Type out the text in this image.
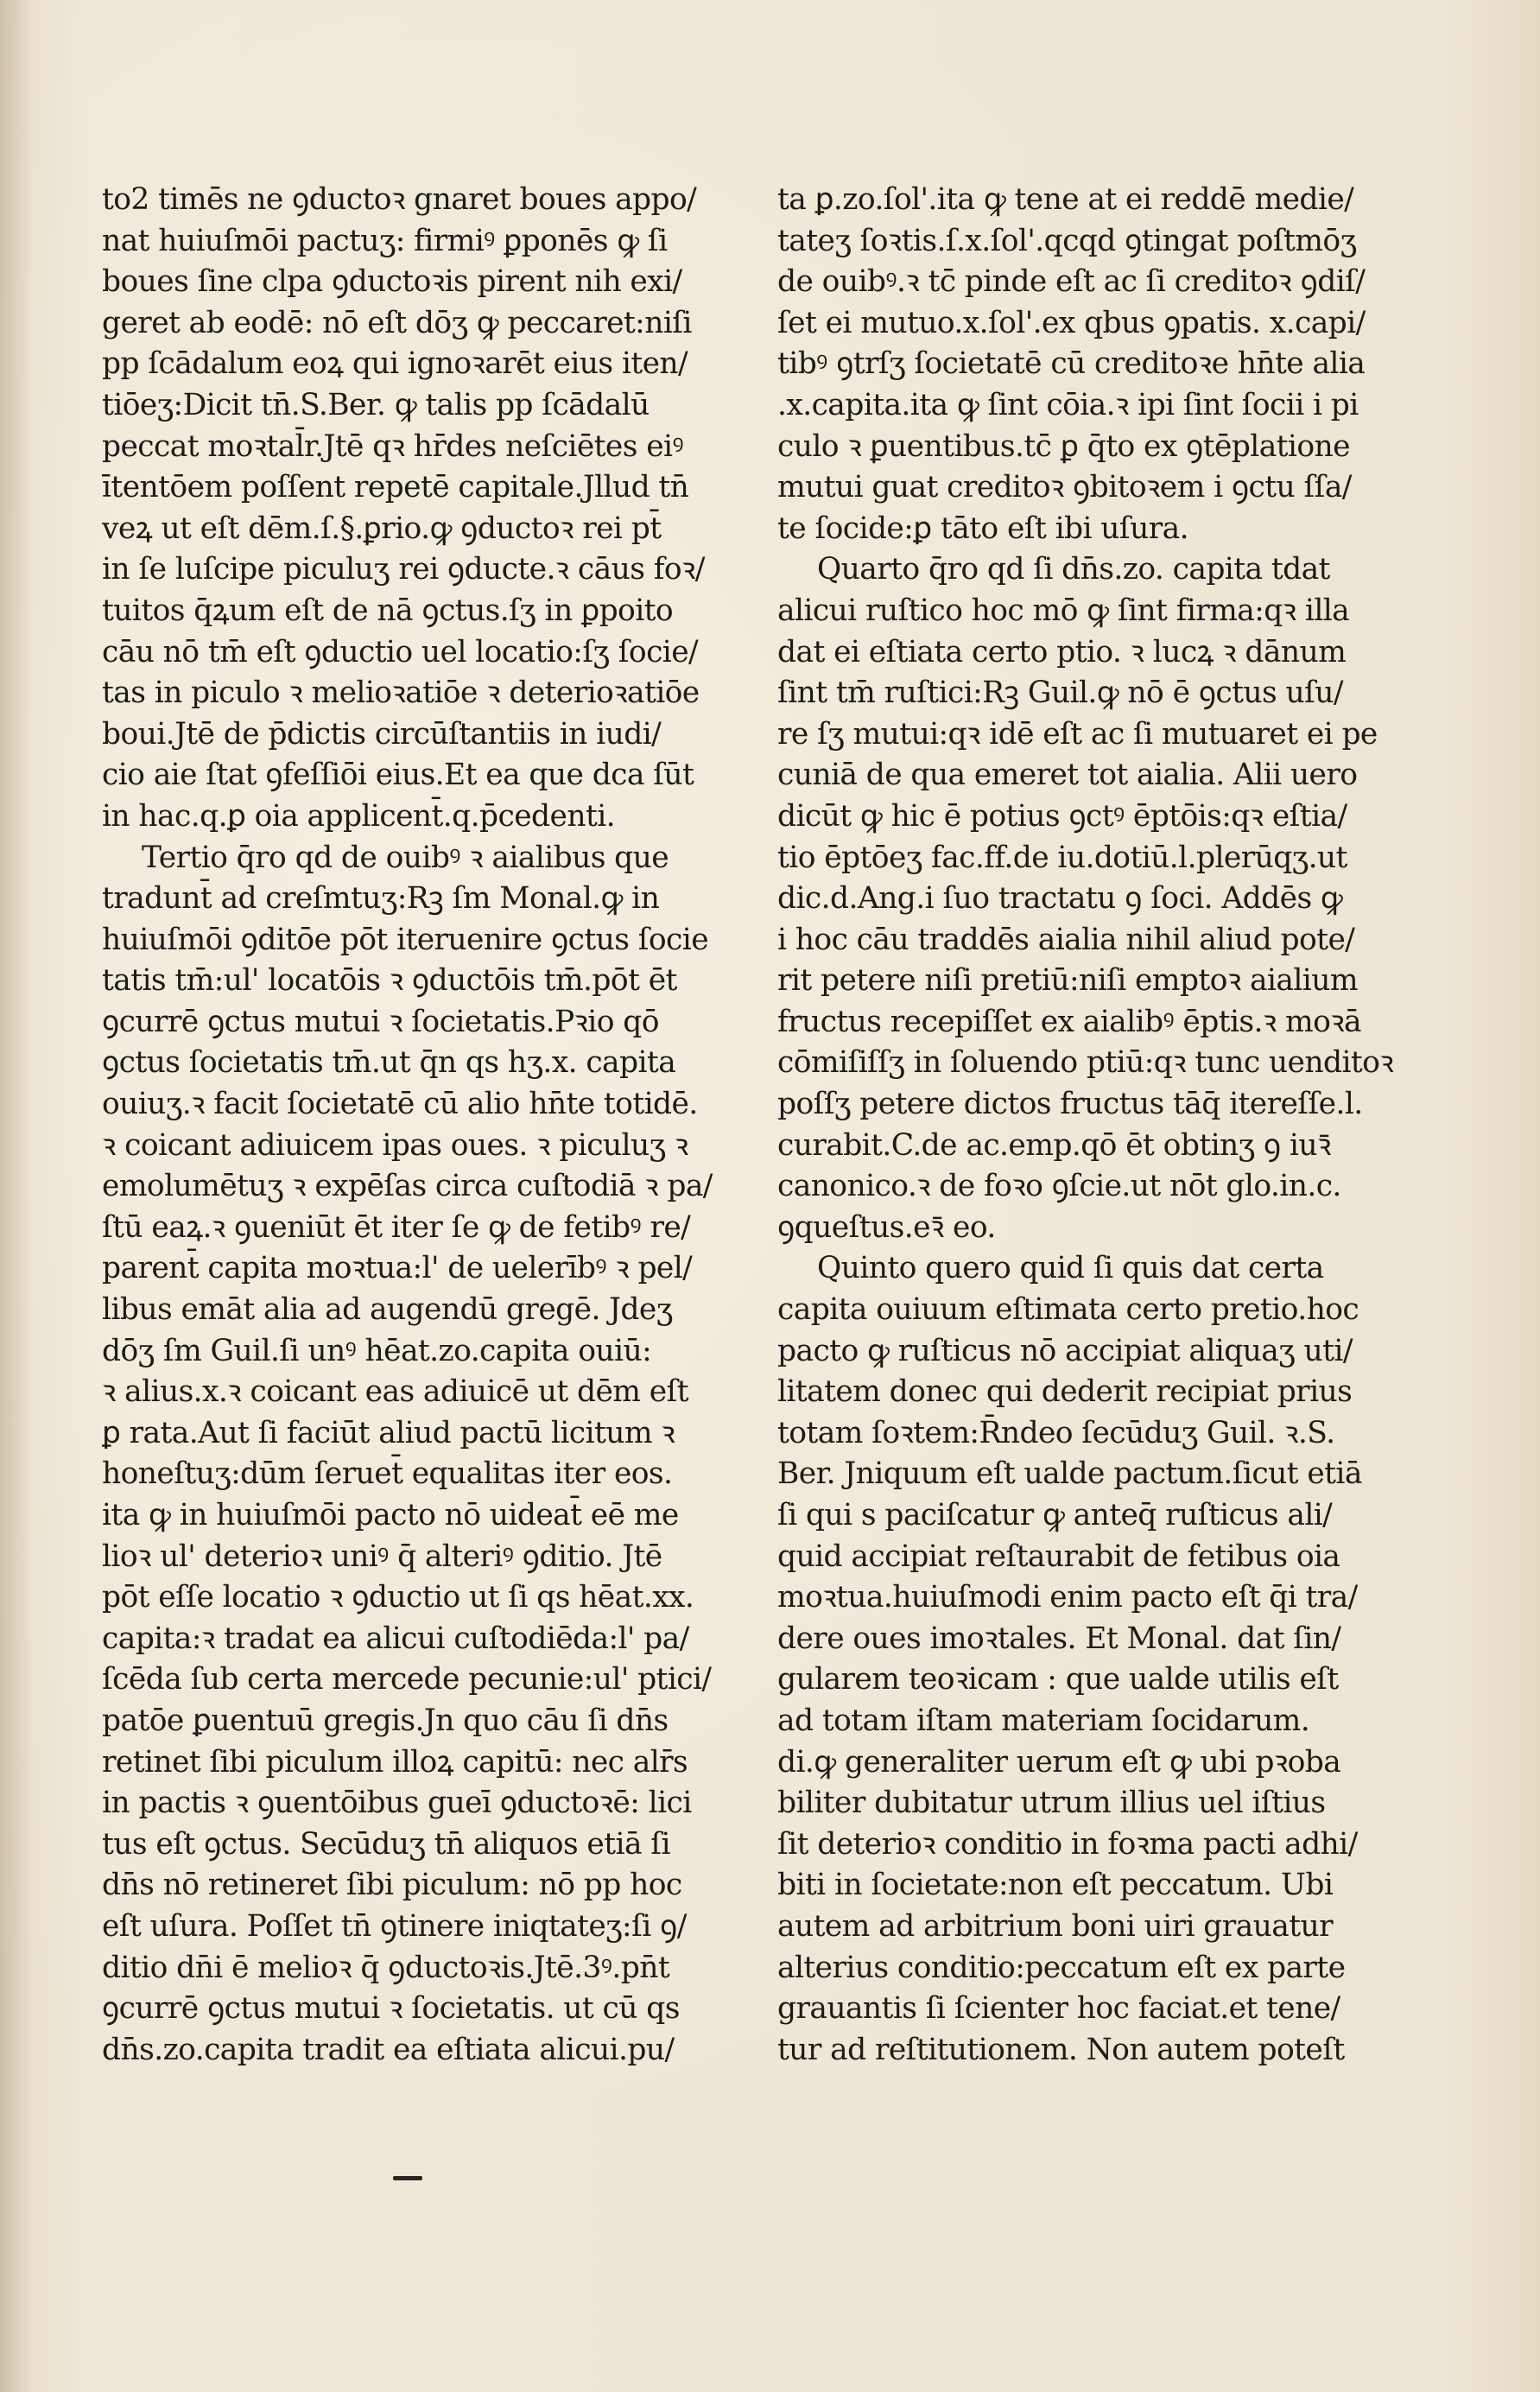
to2 timēs ne ꝯductoꝛ gnaret boues appo/
nat huiuſmōi pactuʒ: firmiꝰ ꝑponēs ꝙ ſi
boues ſine clpa ꝯductoꝛis pirent nih exi/
geret ab eodē: nō eſt dōʒ ꝙ peccaret:niſi
pp ſcādalum eoꝝ qui ignoꝛarēt eius iten/
tiōeʒ:Dicit tn̄.S.Ber. ꝙ talis pp ſcādalū
peccat moꝛtal̄r.Jtē qꝛ hr̄des neſciētes eiꝰ
ītentōem poſſent repetē capitale.Jllud tn̄
veꝝ ut eſt dēm.ſ.§.ꝑrio.ꝙ ꝯductoꝛ rei pt̄
in ſe luſcipe piculuʒ rei ꝯducte.ꝛ cāus foꝛ/
tuitos q̄ꝝum eſt de nā ꝯctus.ſʒ in ꝑpoito
cāu nō tm̄ eſt ꝯductio uel locatio:ſʒ ſocie/
tas in piculo ꝛ melioꝛatiōe ꝛ deterioꝛatiōe
boui.Jtē de p̄dictis circūſtantiis in iudi/
cio aie ſtat ꝯfeſſiōi eius.Et ea que dca ſūt
in hac.q.ꝑ oia applicent̄.q.p̄cedenti.
Tertio q̄ro qd de ouibꝰ ꝛ aialibus que
tradunt̄ ad creſmtuʒ:Rꝫ ſm Monal.ꝙ in
huiuſmōi ꝯditōe pōt iteruenire ꝯctus ſocie
tatis tm̄:ul' locatōis ꝛ ꝯductōis tm̄.pōt ēt
ꝯcurrē ꝯctus mutui ꝛ ſocietatis.Pꝛio qō
ꝯctus ſocietatis tm̄.ut q̄n qs hʒ.x. capita
ouiuʒ.ꝛ facit ſocietatē cū alio hn̄te totidē.
ꝛ coicant adiuicem ipas oues. ꝛ piculuʒ ꝛ
emolumētuʒ ꝛ expēſas circa cuſtodiā ꝛ pa/
ſtū eaꝝ.ꝛ ꝯueniūt ēt iter ſe ꝙ de fetibꝰ re/
parent̄ capita moꝛtua:l' de uelerībꝰ ꝛ pel/
libus emāt alia ad augendū gregē. Jdeʒ
dōʒ ſm Guil.ſi unꝰ hēat.zo.capita ouiū:
ꝛ alius.x.ꝛ coicant eas adiuicē ut dēm eſt
ꝑ rata.Aut ſi faciūt aliud pactū licitum ꝛ
honeſtuʒ:dūm ſeruet̄ equalitas iter eos.
ita ꝙ in huiuſmōi pacto nō uideat̄ eē me
lioꝛ ul' deterioꝛ uniꝰ q̄ alteriꝰ ꝯditio. Jtē
pōt eſſe locatio ꝛ ꝯductio ut ſi qs hēat.xx.
capita:ꝛ tradat ea alicui cuſtodiēda:l' pa/
ſcēda ſub certa mercede pecunie:ul' ptici/
patōe ꝑuentuū gregis.Jn quo cāu ſi dn̄s
retinet ſibi piculum illoꝝ capitū: nec alr̄s
in pactis ꝛ ꝯuentōibus gueī ꝯductoꝛē: lici
tus eſt ꝯctus. Secūduʒ tn̄ aliquos etiā ſi
dn̄s nō retineret ſibi piculum: nō pp hoc
eſt uſura. Poſſet tn̄ ꝯtinere iniqtateʒ:ſi ꝯ/
ditio dn̄i ē melioꝛ q̄ ꝯductoꝛis.Jtē.3ꝰ.pn̄t
ꝯcurrē ꝯctus mutui ꝛ ſocietatis. ut cū qs
dn̄s.zo.capita tradit ea eſtiata alicui.pu/
ta ꝑ.zo.ſol'.ita ꝙ tene at ei reddē medie/
tateʒ ſoꝛtis.ſ.x.ſol'.qcqd ꝯtingat poſtmōʒ
de ouibꝰ.ꝛ tc̄ pinde eſt ac ſi creditoꝛ ꝯdiſ/
ſet ei mutuo.x.ſol'.ex qbus ꝯpatis. x.capi/
tibꝰ ꝯtrſʒ ſocietatē cū creditoꝛe hn̄te alia
.x.capita.ita ꝙ ſint cōia.ꝛ ipi ſint ſocii i pi
culo ꝛ ꝑuentibus.tc̄ ꝑ q̄to ex ꝯtēplatione
mutui guat creditoꝛ ꝯbitoꝛem i ꝯctu ſſa/
te ſocide:ꝑ tāto eſt ibi uſura.
Quarto q̄ro qd ſi dn̄s.zo. capita tdat
alicui ruſtico hoc mō ꝙ ſint firma:qꝛ illa
dat ei eſtiata certo ptio. ꝛ lucꝝ ꝛ dānum
ſint tm̄ ruſtici:Rꝫ Guil.ꝙ nō ē ꝯctus uſu/
re ſʒ mutui:qꝛ idē eſt ac ſi mutuaret ei pe
cuniā de qua emeret tot aialia. Alii uero
dicūt ꝙ hic ē potius ꝯctꝰ ēptōis:qꝛ eſtia/
tio ēptōeʒ fac.ff.de iu.dotiū.l.plerūqʒ.ut
dic.d.Ang.i ſuo tractatu ꝯ ſoci. Addēs ꝙ
i hoc cāu traddēs aialia nihil aliud pote/
rit petere niſi pretiū:niſi emptoꝛ aialium
fructus recepiſſet ex aialibꝰ ēptis.ꝛ moꝛā
cōmiſiſſʒ in ſoluendo ptiū:qꝛ tunc uenditoꝛ
poſſʒ petere dictos fructus tāq̄ itereſſe.l.
curabit.C.de ac.emp.qō ēt obtinʒ ꝯ iuꝛ̄
canonico.ꝛ de foꝛo ꝯſcie.ut nōt glo.in.c.
ꝯqueſtus.eꝛ̄ eo.
Quinto quero quid ſi quis dat certa
capita ouiuum eſtimata certo pretio.hoc
pacto ꝙ ruſticus nō accipiat aliquaʒ uti/
litatem donec qui dederit recipiat prius
totam ſoꝛtem:R̄ndeo ſecūduʒ Guil. ꝛ.S.
Ber. Jniquum eſt ualde pactum.ſicut etiā
ſi qui s paciſcatur ꝙ anteq̄ ruſticus ali/
quid accipiat reſtaurabit de fetibus oia
moꝛtua.huiuſmodi enim pacto eſt q̄i tra/
dere oues imoꝛtales. Et Monal. dat ſin/
gularem teoꝛicam : que ualde utilis eſt
ad totam iſtam materiam ſocidarum.
di.ꝙ generaliter uerum eſt ꝙ ubi pꝛoba
biliter dubitatur utrum illius uel iſtius
ſit deterioꝛ conditio in foꝛma pacti adhi/
biti in ſocietate:non eſt peccatum. Ubi
autem ad arbitrium boni uiri grauatur
alterius conditio:peccatum eſt ex parte
grauantis ſi ſcienter hoc faciat.et tene/
tur ad reſtitutionem. Non autem poteſt
